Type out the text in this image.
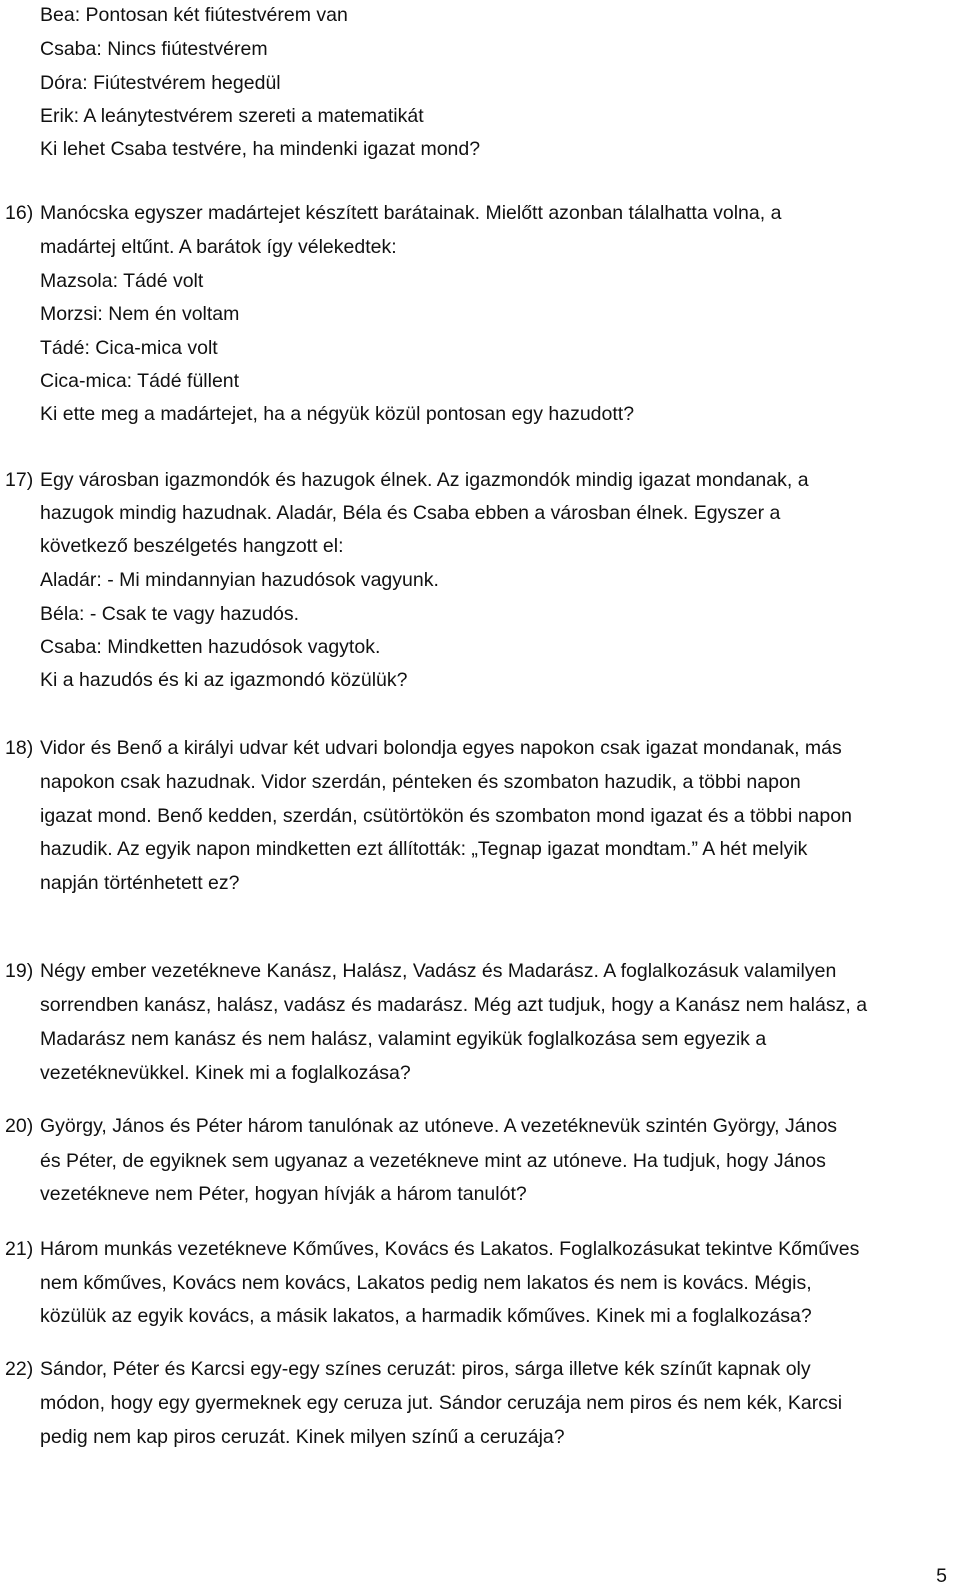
Bea: Pontosan két fiútestvérem van
Csaba: Nincs fiútestvérem
Dóra: Fiútestvérem hegedül
Erik: A leánytestvérem szereti a matematikát
Ki lehet Csaba testvére, ha mindenki igazat mond?
16) Manócska egyszer madártejet készített barátainak. Mielőtt azonban tálalhatta volna, a
madártej eltűnt. A barátok így vélekedtek:
Mazsola: Tádé volt
Morzsi: Nem én voltam
Tádé: Cica-mica volt
Cica-mica: Tádé füllent
Ki ette meg a madártejet, ha a négyük közül pontosan egy hazudott?
17) Egy városban igazmondók és hazugok élnek. Az igazmondók mindig igazat mondanak, a
hazugok mindig hazudnak. Aladár, Béla és Csaba ebben a városban élnek. Egyszer a
következő beszélgetés hangzott el:
Aladár: - Mi mindannyian hazudósok vagyunk.
Béla: - Csak te vagy hazudós.
Csaba: Mindketten hazudósok vagytok.
Ki a hazudós és ki az igazmondó közülük?
18) Vidor és Benő a királyi udvar két udvari bolondja egyes napokon csak igazat mondanak, más
napokon csak hazudnak. Vidor szerdán, pénteken és szombaton hazudik, a többi napon
igazat mond. Benő kedden, szerdán, csütörtökön és szombaton mond igazat és a többi napon
hazudik. Az egyik napon mindketten ezt állították: „Tegnap igazat mondtam.” A hét melyik
napján történhetett ez?
19) Négy ember vezetékneve Kanász, Halász, Vadász és Madarász. A foglalkozásuk valamilyen
sorrendben kanász, halász, vadász és madarász. Még azt tudjuk, hogy a Kanász nem halász, a
Madarász nem kanász és nem halász, valamint egyikük foglalkozása sem egyezik a
vezetéknevükkel. Kinek mi a foglalkozása?
20) György, János és Péter három tanulónak az utóneve. A vezetéknevük szintén György, János
és Péter, de egyiknek sem ugyanaz a vezetékneve mint az utóneve. Ha tudjuk, hogy János
vezetékneve nem Péter, hogyan hívják a három tanulót?
21) Három munkás vezetékneve Kőműves, Kovács és Lakatos. Foglalkozásukat tekintve Kőműves
nem kőműves, Kovács nem kovács, Lakatos pedig nem lakatos és nem is kovács. Mégis,
közülük az egyik kovács, a másik lakatos, a harmadik kőműves. Kinek mi a foglalkozása?
22) Sándor, Péter és Karcsi egy-egy színes ceruzát: piros, sárga illetve kék színűt kapnak oly
módon, hogy egy gyermeknek egy ceruza jut. Sándor ceruzája nem piros és nem kék, Karcsi
pedig nem kap piros ceruzát. Kinek milyen színű a ceruzája?
5
